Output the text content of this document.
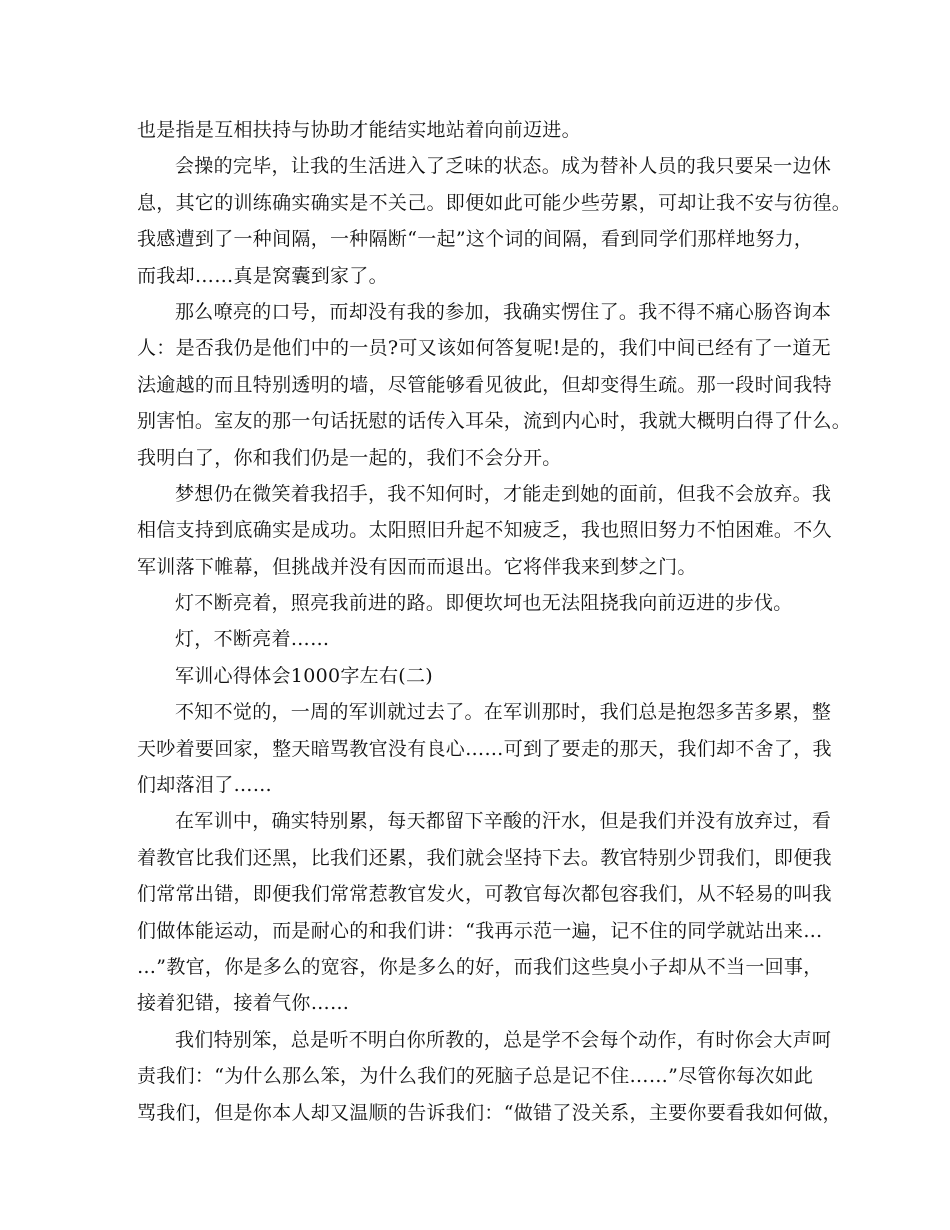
也是指是互相扶持与协助才能结实地站着向前迈进。
会操的完毕，让我的生活进入了乏味的状态。成为替补人员的我只要呆一边休
息，其它的训练确实确实是不关己。即便如此可能少些劳累，可却让我不安与彷徨。
我感遭到了一种间隔，一种隔断“一起”这个词的间隔，看到同学们那样地努力，
而我却……真是窝囊到家了。
那么嘹亮的口号，而却没有我的参加，我确实愣住了。我不得不痛心肠咨询本
人：是否我仍是他们中的一员?可又该如何答复呢!是的，我们中间已经有了一道无
法逾越的而且特别透明的墙，尽管能够看见彼此，但却变得生疏。那一段时间我特
别害怕。室友的那一句话抚慰的话传入耳朵，流到内心时，我就大概明白得了什么。
我明白了，你和我们仍是一起的，我们不会分开。
梦想仍在微笑着我招手，我不知何时，才能走到她的面前，但我不会放弃。我
相信支持到底确实是成功。太阳照旧升起不知疲乏，我也照旧努力不怕困难。不久
军训落下帷幕，但挑战并没有因而而退出。它将伴我来到梦之门。
灯不断亮着，照亮我前进的路。即便坎坷也无法阻挠我向前迈进的步伐。
灯，不断亮着……
军训心得体会1000字左右(二)
不知不觉的，一周的军训就过去了。在军训那时，我们总是抱怨多苦多累，整
天吵着要回家，整天暗骂教官没有良心……可到了要走的那天，我们却不舍了，我
们却落泪了……
在军训中，确实特别累，每天都留下辛酸的汗水，但是我们并没有放弃过，看
着教官比我们还黑，比我们还累，我们就会坚持下去。教官特别少罚我们，即便我
们常常出错，即便我们常常惹教官发火，可教官每次都包容我们，从不轻易的叫我
们做体能运动，而是耐心的和我们讲：“我再示范一遍，记不住的同学就站出来…
…”教官，你是多么的宽容，你是多么的好，而我们这些臭小子却从不当一回事，
接着犯错，接着气你……
我们特别笨，总是听不明白你所教的，总是学不会每个动作，有时你会大声呵
责我们：“为什么那么笨，为什么我们的死脑子总是记不住……”尽管你每次如此
骂我们，但是你本人却又温顺的告诉我们：“做错了没关系，主要你要看我如何做，
